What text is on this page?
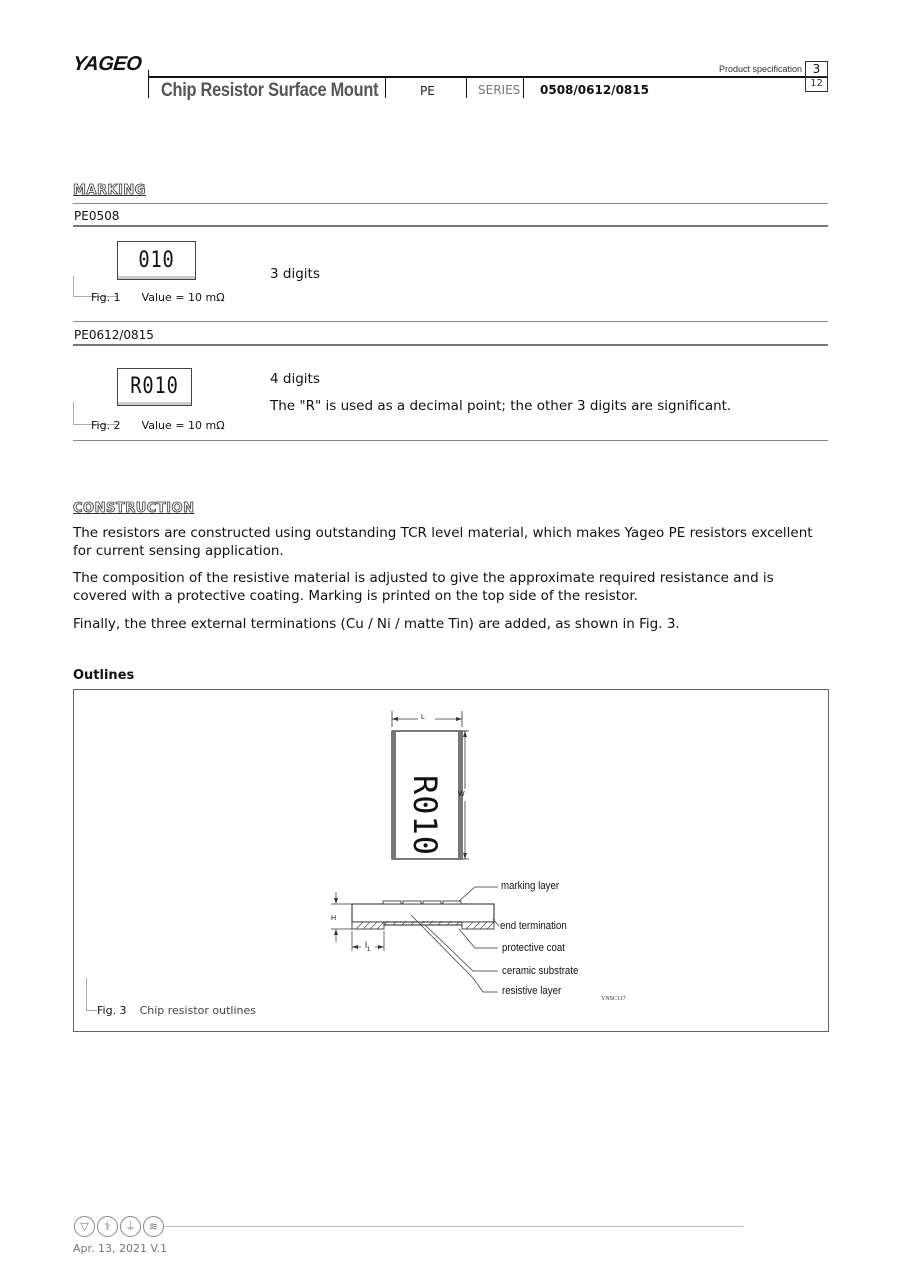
YAGEO
Chip Resistor Surface Mount	PE	SERIES 0508/0612/0815
Product specification 3
12
MARKING
PE0508
010
Fig. 1 Value = 10 mΩ
3 digits
PE0612/0815
R010
Fig. 2 Value = 10 mΩ
4 digits
The "R" is used as a decimal point; the other 3 digits are significant.
CONSTRUCTION
The resistors are constructed using outstanding TCR level material, which makes Yageo PE resistors excellent for current sensing application.
The composition of the resistive material is adjusted to give the approximate required resistance and is covered with a protective coating. Marking is printed on the top side of the resistor.
Finally, the three external terminations (Cu / Ni / matte Tin) are added, as shown in Fig. 3.
Outlines
R010
L
W
H
$l_1$
marking layer
end termination
protective coat
ceramic substrate
resistive layer
YNSC117
Fig. 3 Chip resistor outlines
▽	⚕	⏚	≋
Apr. 13, 2021 V.1
